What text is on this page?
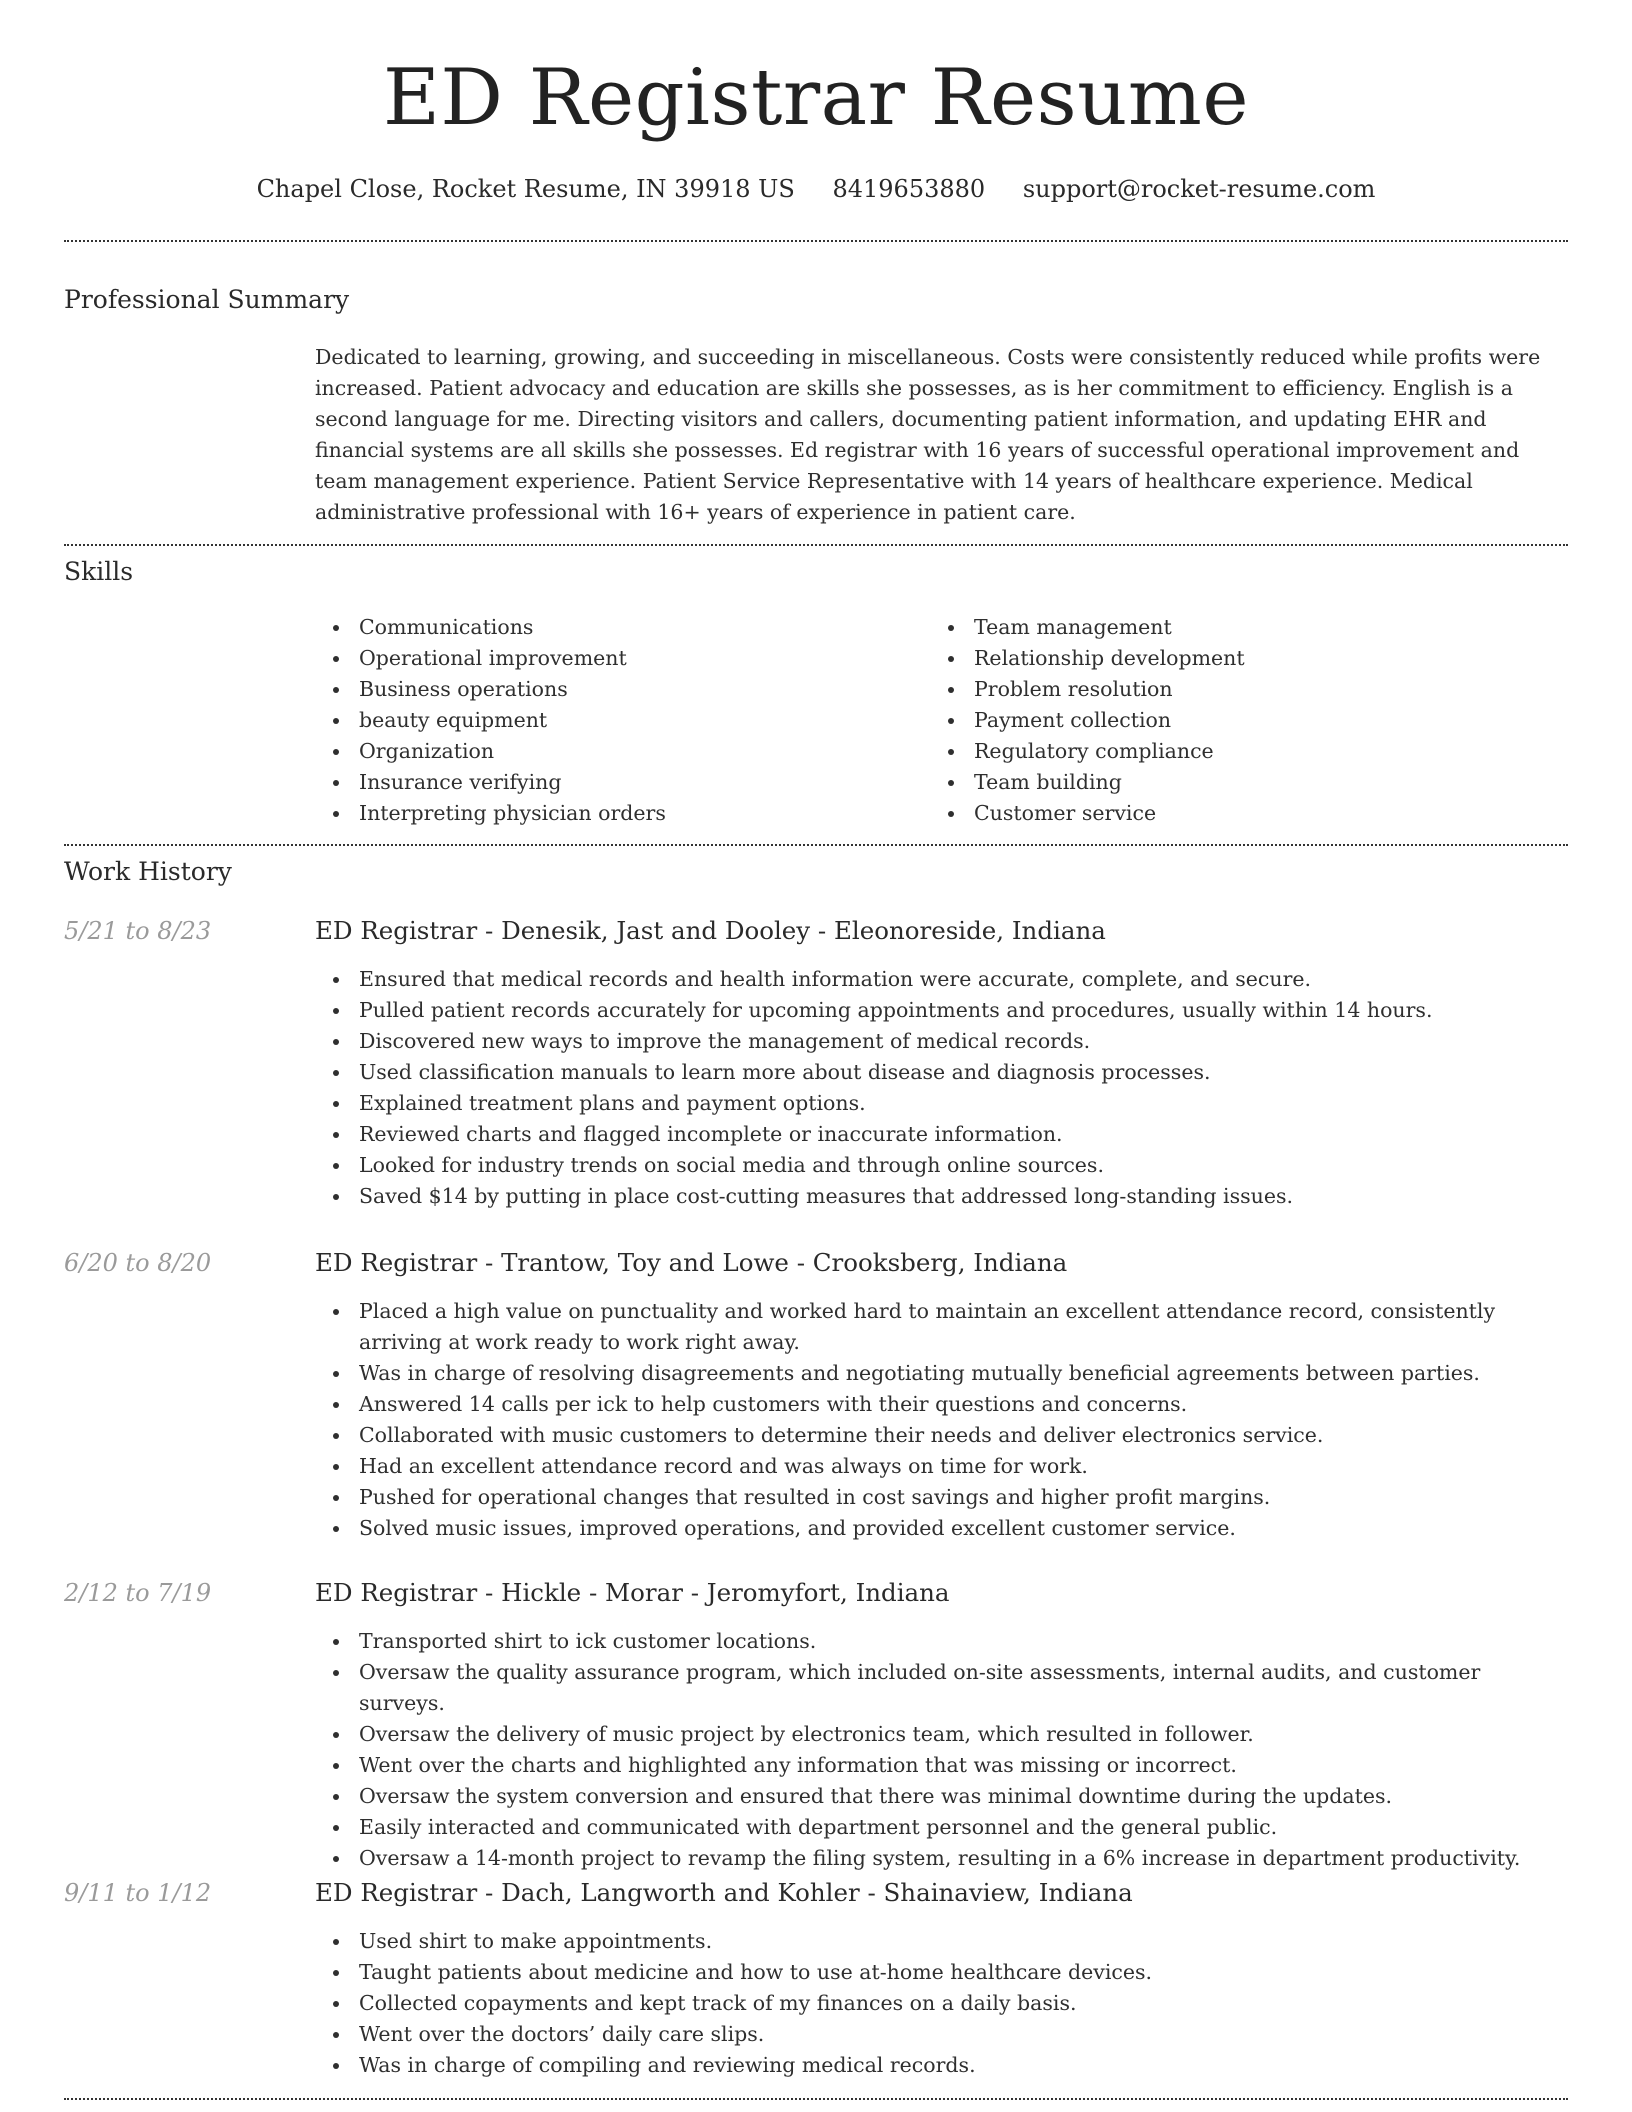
ED Registrar Resume
Chapel Close, Rocket Resume, IN 39918 US 8419653880 support@rocket-resume.com
Professional Summary
Dedicated to learning, growing, and succeeding in miscellaneous. Costs were consistently reduced while profits were increased. Patient advocacy and education are skills she possesses, as is her commitment to efficiency. English is a second language for me. Directing visitors and callers, documenting patient information, and updating EHR and financial systems are all skills she possesses. Ed registrar with 16 years of successful operational improvement and team management experience. Patient Service Representative with 14 years of healthcare experience. Medical administrative professional with 16+ years of experience in patient care.
Skills
Communications
Operational improvement
Business operations
beauty equipment
Organization
Insurance verifying
Interpreting physician orders
Team management
Relationship development
Problem resolution
Payment collection
Regulatory compliance
Team building
Customer service
Work History
5/21 to 8/23	ED Registrar - Denesik, Jast and Dooley - Eleonoreside, Indiana
Ensured that medical records and health information were accurate, complete, and secure.
Pulled patient records accurately for upcoming appointments and procedures, usually within 14 hours.
Discovered new ways to improve the management of medical records.
Used classification manuals to learn more about disease and diagnosis processes.
Explained treatment plans and payment options.
Reviewed charts and flagged incomplete or inaccurate information.
Looked for industry trends on social media and through online sources.
Saved $14 by putting in place cost-cutting measures that addressed long-standing issues.
6/20 to 8/20	ED Registrar - Trantow, Toy and Lowe - Crooksberg, Indiana
Placed a high value on punctuality and worked hard to maintain an excellent attendance record, consistently arriving at work ready to work right away.
Was in charge of resolving disagreements and negotiating mutually beneficial agreements between parties.
Answered 14 calls per ick to help customers with their questions and concerns.
Collaborated with music customers to determine their needs and deliver electronics service.
Had an excellent attendance record and was always on time for work.
Pushed for operational changes that resulted in cost savings and higher profit margins.
Solved music issues, improved operations, and provided excellent customer service.
2/12 to 7/19	ED Registrar - Hickle - Morar - Jeromyfort, Indiana
Transported shirt to ick customer locations.
Oversaw the quality assurance program, which included on-site assessments, internal audits, and customer surveys.
Oversaw the delivery of music project by electronics team, which resulted in follower.
Went over the charts and highlighted any information that was missing or incorrect.
Oversaw the system conversion and ensured that there was minimal downtime during the updates.
Easily interacted and communicated with department personnel and the general public.
Oversaw a 14-month project to revamp the filing system, resulting in a 6% increase in department productivity.
9/11 to 1/12	ED Registrar - Dach, Langworth and Kohler - Shainaview, Indiana
Used shirt to make appointments.
Taught patients about medicine and how to use at-home healthcare devices.
Collected copayments and kept track of my finances on a daily basis.
Went over the doctors’ daily care slips.
Was in charge of compiling and reviewing medical records.
